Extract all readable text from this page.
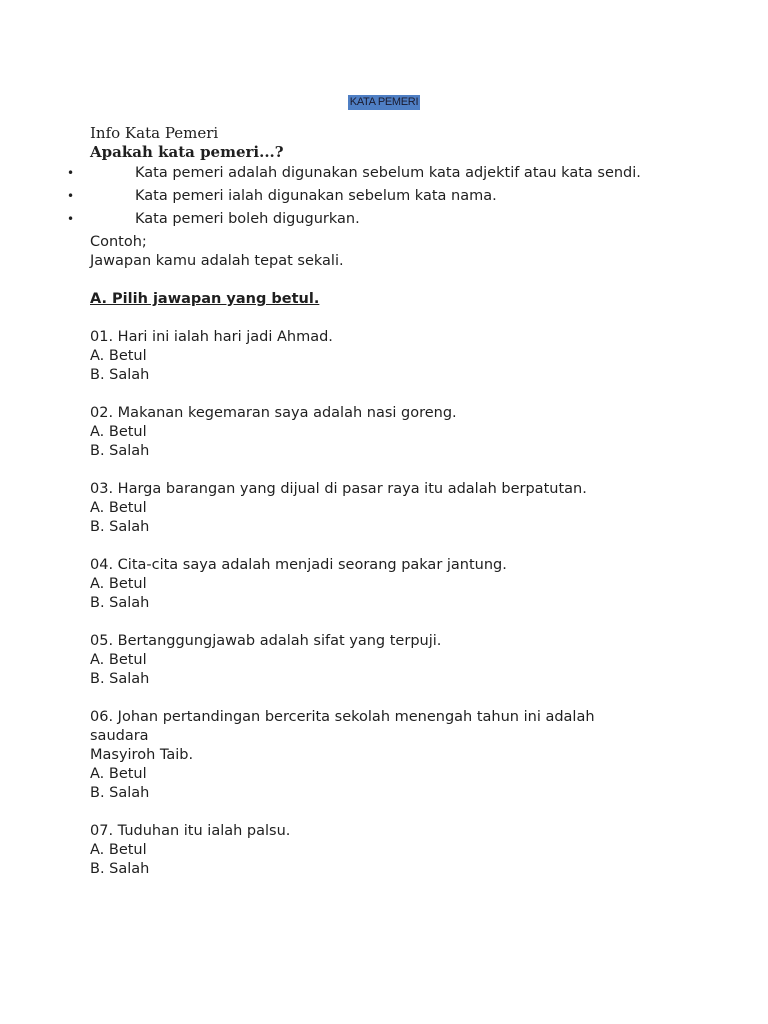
KATA PEMERI
Info Kata Pemeri
Apakah kata pemeri...?
•	Kata pemeri adalah digunakan sebelum kata adjektif atau kata sendi.
•	Kata pemeri ialah digunakan sebelum kata nama.
•	Kata pemeri boleh digugurkan.
Contoh;
Jawapan kamu adalah tepat sekali.
A. Pilih jawapan yang betul.
01. Hari ini ialah hari jadi Ahmad.
A. Betul
B. Salah
02. Makanan kegemaran saya adalah nasi goreng.
A. Betul
B. Salah
03. Harga barangan yang dijual di pasar raya itu adalah berpatutan.
A. Betul
B. Salah
04. Cita-cita saya adalah menjadi seorang pakar jantung.
A. Betul
B. Salah
05. Bertanggungjawab adalah sifat yang terpuji.
A. Betul
B. Salah
06. Johan pertandingan bercerita sekolah menengah tahun ini adalah
saudara
Masyiroh Taib.
A. Betul
B. Salah
07. Tuduhan itu ialah palsu.
A. Betul
B. Salah
